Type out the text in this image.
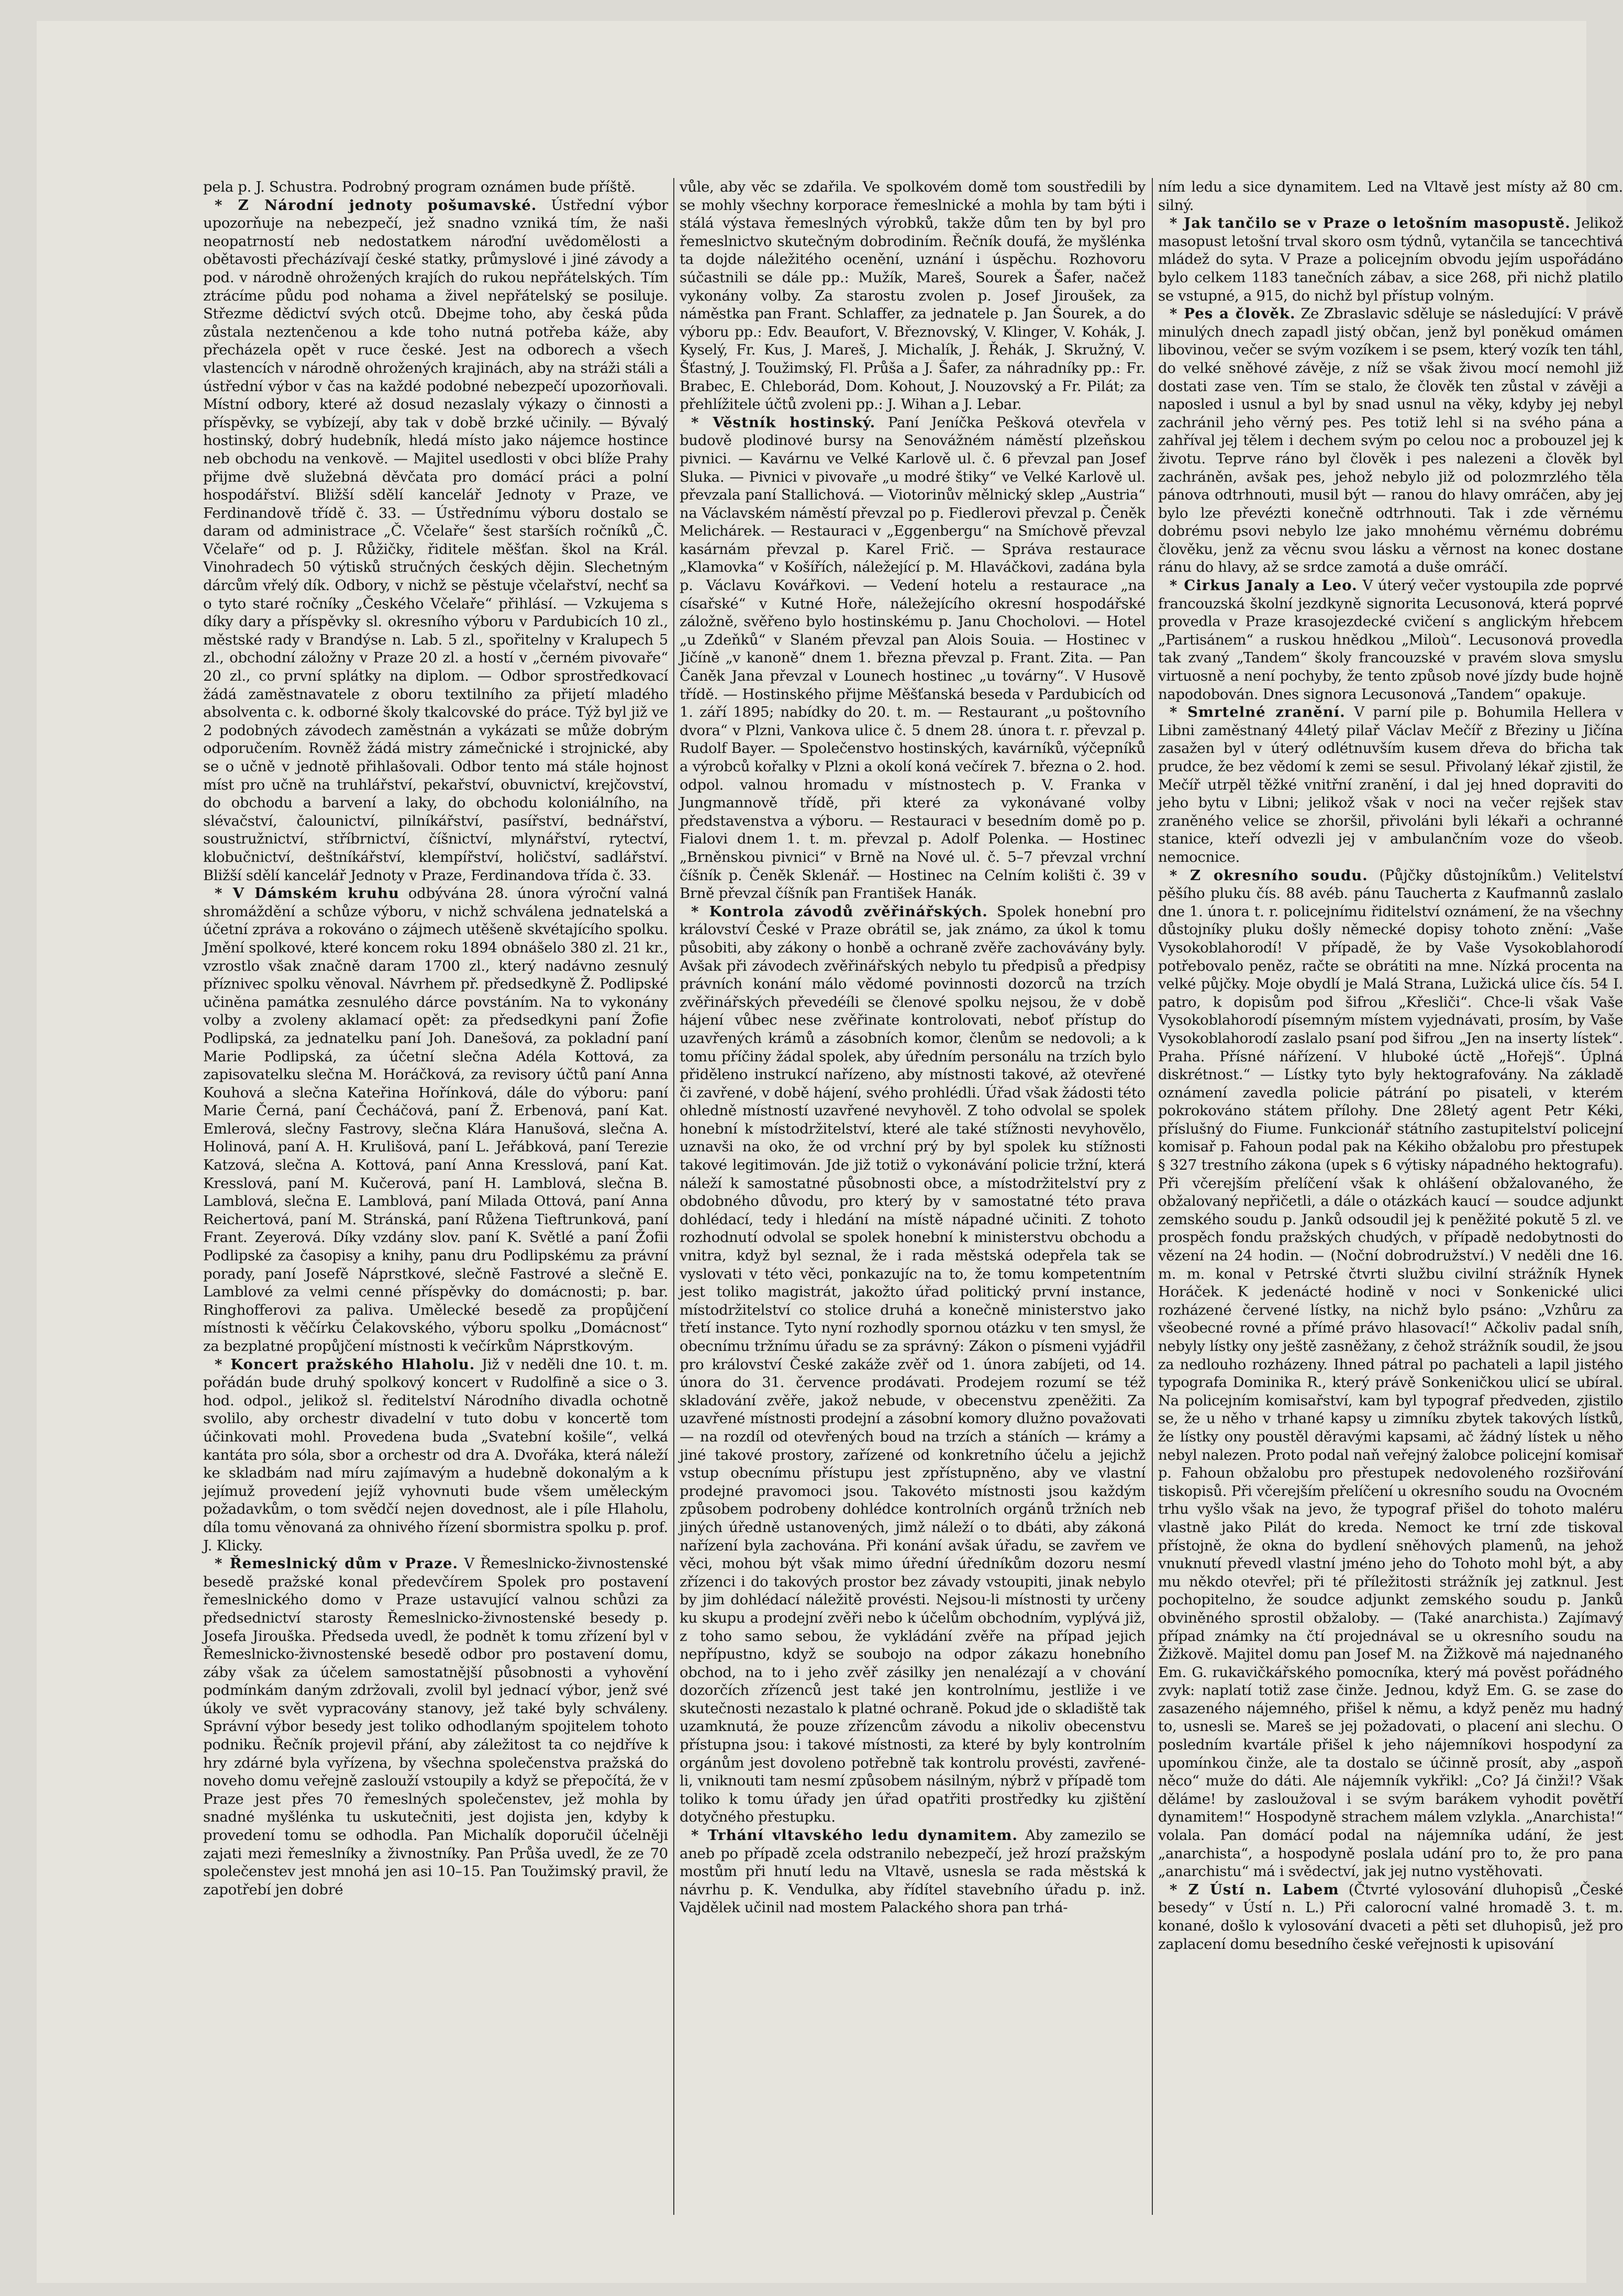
pela p. J. Schustra. Podrobný program oznámen bude příště.

* Z Národní jednoty pošumavské. Ústřední výbor upozorňuje na nebezpečí, jež snadno vzniká tím, že naši neopatrností neb nedostatkem nároďní uvědomělosti a obětavosti přecházívají české statky, průmyslové i jiné závody a pod. v národně ohrožených krajích do rukou nepřátelských. Tím ztrácíme půdu pod nohama a živel nepřátelský se posiluje. Střezme dědictví svých otců. Dbejme toho, aby česká půda zůstala neztenčenou a kde toho nutná potřeba káže, aby přecházela opět v ruce české. Jest na odborech a všech vlastencích v národně ohrožených krajinách, aby na stráži stáli a ústřední výbor v čas na každé podobné nebezpečí upozorňovali. Místní odbory, které až dosud nezaslaly výkazy o činnosti a příspěvky, se vybízejí, aby tak v době brzké učinily. — Bývalý hostinský, dobrý hudebník, hledá místo jako nájemce hostince neb obchodu na venkově. — Majitel usedlosti v obci blíže Prahy přijme dvě služebná děvčata pro domácí práci a polní hospodářství. Bližší sdělí kancelář Jednoty v Praze, ve Ferdinandově třídě č. 33. — Ústřednímu výboru dostalo se daram od administrace „Č. Včelaře“ šest starších ročníků „Č. Včelaře“ od p. J. Růžičky, řiditele měšťan. škol na Král. Vinohradech 50 výtisků stručných českých dějin. Slechetným dárcům vřelý dík. Odbory, v nichž se pěstuje včelařství, nechť sa o tyto staré ročníky „Českého Včelaře“ přihlásí. — Vzkujema s díky dary a příspěvky sl. okresního výboru v Pardubicích 10 zl., městské rady v Brandýse n. Lab. 5 zl., spořitelny v Kralupech 5 zl., obchodní záložny v Praze 20 zl. a hostí v „černém pivovaře“ 20 zl., co první splátky na diplom. — Odbor sprostředkovací žádá zaměstnavatele z oboru textilního za přijetí mladého absolventa c. k. odborné školy tkalcovské do práce. Týž byl již ve 2 podobných závodech zaměstnán a vykázati se může dobrým odporučením. Rovněž žádá mistry zámečnické i strojnické, aby se o učně v jednotě přihlašovali. Odbor tento má stále hojnost míst pro učně na truhlářství, pekařství, obuvnictví, krejčovství, do obchodu a barvení a laky, do obchodu koloniálního, na slévačství, čalounictví, pilníkářství, pasířství, bednářství, soustružnictví, stříbrnictví, číšnictví, mlynářství, rytectví, klobučnictví, deštníkářství, klempířství, holičství, sadlářství. Bližší sdělí kancelář Jednoty v Praze, Ferdinandova třída č. 33.

* V Dámském kruhu odbývána 28. února výroční valná shromáždění a schůze výboru, v nichž schválena jednatelská a účetní zpráva a rokováno o zájmech utěšeně skvétajícího spolku. Jmění spolkové, které koncem roku 1894 obnášelo 380 zl. 21 kr., vzrostlo však značně daram 1700 zl., který nadávno zesnulý příznivec spolku věnoval. Návrhem př. předsedkyně Ž. Podlipské učiněna památka zesnulého dárce povstáním. Na to vykonány volby a zvoleny aklamací opět: za předsedkyni paní Žofie Podlipská, za jednatelku paní Joh. Danešová, za pokladní paní Marie Podlipská, za účetní slečna Adéla Kottová, za zapisovatelku slečna M. Horáčková, za revisory účtů paní Anna Kouhová a slečna Kateřina Hořínková, dále do výboru: paní Marie Černá, paní Čecháčová, paní Ž. Erbenová, paní Kat. Emlerová, slečny Fastrovy, slečna Klára Hanušová, slečna A. Holinová, paní A. H. Krulišová, paní L. Jeřábková, paní Terezie Katzová, slečna A. Kottová, paní Anna Kresslová, paní Kat. Kresslová, paní M. Kučerová, paní H. Lamblová, slečna B. Lamblová, slečna E. Lamblová, paní Milada Ottová, paní Anna Reichertová, paní M. Stránská, paní Růžena Tieftrunková, paní Frant. Zeyerová. Díky vzdány slov. paní K. Světlé a paní Žofii Podlipské za časopisy a knihy, panu dru Podlipskému za právní porady, paní Josefě Náprstkové, slečně Fastrové a slečně E. Lamblové za velmi cenné příspěvky do domácnosti; p. bar. Ringhofferovi za paliva. Umělecké besedě za propůjčení místnosti k věčírku Čelakovského, výboru spolku „Domácnost“ za bezplatné propůjčení místnosti k večírkům Náprstkovým.

* Koncert pražského Hlaholu. Již v neděli dne 10. t. m. pořádán bude druhý spolkový koncert v Rudolfině a sice o 3. hod. odpol., jelikož sl. ředitelství Národního divadla ochotně svolilo, aby orchestr divadelní v tuto dobu v koncertě tom účinkovati mohl. Provedena buda „Svatební košile“, velká kantáta pro sóla, sbor a orchestr od dra A. Dvořáka, která náleží ke skladbám nad míru zajímavým a hudebně dokonalým a k jejímuž provedení jejíž vyhovnuti bude všem uměleckým požadavkům, o tom svědčí nejen dovednost, ale i píle Hlaholu, díla tomu věnovaná za ohnivého řízení sbormistra spolku p. prof. J. Klicky.

* Řemeslnický dům v Praze. V Řemeslnicko-živnostenské besedě pražské konal předevčírem Spolek pro postavení řemeslnického domo v Praze ustavující valnou schůzi za předsednictví starosty Řemeslnicko-živnostenské besedy p. Josefa Jirouška. Předseda uvedl, že podnět k tomu zřízení byl v Řemeslnicko-živnostenské besedě odbor pro postavení domu, záby však za účelem samostatnější působnosti a vyhovění podmínkám daným zdržovali, zvolil byl jednací výbor, jenž své úkoly ve svět vypracovány stanovy, jež také byly schváleny. Správní výbor besedy jest toliko odhodlaným spojitelem tohoto podniku. Řečník projevil přání, aby záležitost ta co nejdříve k hry zdárné byla vyřízena, by všechna společenstva pražská do noveho domu veřejně zaslouží vstoupily a když se přepočítá, že v Praze jest přes 70 řemeslných společenstev, jež mohla by snadné myšlénka tu uskutečniti, jest dojista jen, kdyby k provedení tomu se odhodla. Pan Michalík doporučil účelněji zajati mezi řemeslníky a živnostníky. Pan Průša uvedl, že ze 70 společenstev jest mnohá jen asi 10–15. Pan Toužimský pravil, že zapotřebí jen dobré

vůle, aby věc se zdařila. Ve spolkovém domě tom soustředili by se mohly všechny korporace řemeslnické a mohla by tam býti i stálá výstava řemeslných výrobků, takže dům ten by byl pro řemeslnictvo skutečným dobrodiním. Řečník doufá, že myšlénka ta dojde náležitého ocenění, uznání i úspěchu. Rozhovoru súčastnili se dále pp.: Mužík, Mareš, Sourek a Šafer, načež vykonány volby. Za starostu zvolen p. Josef Jiroušek, za náměstka pan Frant. Schlaffer, za jednatele p. Jan Šourek, a do výboru pp.: Edv. Beaufort, V. Březnovský, V. Klinger, V. Kohák, J. Kyselý, Fr. Kus, J. Mareš, J. Michalík, J. Řehák, J. Skružný, V. Šťastný, J. Toužimský, Fl. Průša a J. Šafer, za náhradníky pp.: Fr. Brabec, E. Chleborád, Dom. Kohout, J. Nouzovský a Fr. Pilát; za přehlížitele účtů zvoleni pp.: J. Wihan a J. Lebar.

* Věstník hostinský. Paní Jeníčka Pešková otevřela v budově plodinové bursy na Senovážném náměstí plzeňskou pivnici. — Kavárnu ve Velké Karlově ul. č. 6 převzal pan Josef Sluka. — Pivnici v pivovaře „u modré štiky“ ve Velké Karlově ul. převzala paní Stallichová. — Viotorinův mělnický sklep „Austria“ na Václavském náměstí převzal po p. Fiedlerovi převzal p. Čeněk Melichárek. — Restauraci v „Eggenbergu“ na Smíchově převzal kasárnám převzal p. Karel Frič. — Správa restaurace „Klamovka“ v Košířích, náležející p. M. Hlaváčkovi, zadána byla p. Václavu Kovářkovi. — Vedení hotelu a restaurace „na císařské“ v Kutné Hoře, náležejícího okresní hospodářské záložně, svěřeno bylo hostinskému p. Janu Chocholovi. — Hotel „u Zdeňků“ v Slaném převzal pan Alois Souia. — Hostinec v Jičíně „v kanoně“ dnem 1. března převzal p. Frant. Zita. — Pan Čaněk Jana převzal v Lounech hostinec „u továrny“. V Husově třídě. — Hostinského přijme Měšťanská beseda v Pardubicích od 1. září 1895; nabídky do 20. t. m. — Restaurant „u poštovního dvora“ v Plzni, Vankova ulice č. 5 dnem 28. února t. r. převzal p. Rudolf Bayer. — Společenstvo hostinských, kavárníků, výčepníků a výrobců kořalky v Plzni a okolí koná večírek 7. března o 2. hod. odpol. valnou hromadu v místnostech p. V. Franka v Jungmannově třídě, při které za vykonávané volby představenstva a výboru. — Restauraci v besedním domě po p. Fialovi dnem 1. t. m. převzal p. Adolf Polenka. — Hostinec „Brněnskou pivnici“ v Brně na Nové ul. č. 5–7 převzal vrchní číšník p. Čeněk Sklenář. — Hostinec na Celním kolišti č. 39 v Brně převzal číšník pan František Hanák.

* Kontrola závodů zvěřinářských. Spolek honební pro království České v Praze obrátil se, jak známo, za úkol k tomu působiti, aby zákony o honbě a ochraně zvěře zachovávány byly. Avšak při závodech zvěřinářských nebylo tu předpisů a předpisy právních konání málo vědomé povinnosti dozorců na trzích zvěřinářských převedéíli se členové spolku nejsou, že v době hájení vůbec nese zvěřinate kontrolovati, neboť přístup do uzavřených krámů a zásobních komor, členům se nedovoli; a k tomu příčiny žádal spolek, aby úředním personálu na trzích bylo přiděleno instrukcí nařízeno, aby místnosti takové, až otevřené či zavřené, v době hájení, svého prohlédli. Úřad však žádosti této ohledně místností uzavřené nevyhověl. Z toho odvolal se spolek honební k místodržitelství, které ale také stížnosti nevyhovělo, uznavši na oko, že od vrchní prý by byl spolek ku stížnosti takové legitimován. Jde již totiž o vykonávání policie tržní, která náleží k samostatné působnosti obce, a místodržitelství pry z obdobného důvodu, pro který by v samostatné této prava dohlédací, tedy i hledání na místě nápadné učiniti. Z tohoto rozhodnutí odvolal se spolek honební k ministerstvu obchodu a vnitra, když byl seznal, že i rada městská odepřela tak se vyslovati v této věci, ponkazujíc na to, že tomu kompetentním jest toliko magistrát, jakožto úřad politický první instance, místodržitelství co stolice druhá a konečně ministerstvo jako třetí instance. Tyto nyní rozhodly spornou otázku v ten smysl, že obecnímu tržnímu úřadu se za správný: Zákon o písmeni vyjádřil pro království České zakáže zvěř od 1. února zabíjeti, od 14. února do 31. července prodávati. Prodejem rozumí se též skladování zvěře, jakož nebude, v obecenstvu zpeněžiti. Za uzavřené místnosti prodejní a zásobní komory dlužno považovati — na rozdíl od otevřených boud na trzích a stáních — krámy a jiné takové prostory, zařízené od konkretního účelu a jejichž vstup obecnímu přístupu jest zpřístupněno, aby ve vlastní prodejné pravomoci jsou. Takovéto místnosti jsou každým způsobem podrobeny dohlédce kontrolních orgánů tržních neb jiných úředně ustanovených, jimž náleží o to dbáti, aby zákoná nařízení byla zachována. Při konání avšak úřadu, se zavřem ve věci, mohou být však mimo úřední úředníkům dozoru nesmí zřízenci i do takových prostor bez závady vstoupiti, jinak nebylo by jim dohlédací náležitě provésti. Nejsou-li místnosti ty určeny ku skupu a prodejní zvěři nebo k účelům obchodním, vyplývá již, z toho samo sebou, že vykládání zvěře na případ jejich nepřípustno, když se soubojo na odpor zákazu honebního obchod, na to i jeho zvěř zásilky jen nenalézají a v chování dozorčích zřízenců jest také jen kontrolnímu, jestliže i ve skutečnosti nezastalo k platné ochraně. Pokud jde o skladiště tak uzamknutá, že pouze zřízencům závodu a nikoliv obecenstvu přístupna jsou: i takové místnosti, za které by byly kontrolním orgánům jest dovoleno potřebně tak kontrolu provésti, zavřené-li, vniknouti tam nesmí způsobem násilným, nýbrž v případě tom toliko k tomu úřady jen úřad opatřiti prostředky ku zjištění dotyčného přestupku.

* Trhání vltavského ledu dynamitem. Aby zamezilo se aneb po případě zcela odstranilo nebezpečí, jež hrozí pražským mostům při hnutí ledu na Vltavě, usnesla se rada městská k návrhu p. K. Vendulka, aby řídítel stavebního úřadu p. inž. Vajdělek učinil nad mostem Palackého shora pan trhá-

ním ledu a sice dynamitem. Led na Vltavě jest místy až 80 cm. silný.

* Jak tančilo se v Praze o letošním masopustě. Jelikož masopust letošní trval skoro osm týdnů, vytančila se tancechtivá mládež do syta. V Praze a policejním obvodu jejím uspořádáno bylo celkem 1183 tanečních zábav, a sice 268, při nichž platilo se vstupné, a 915, do nichž byl přístup volným.

* Pes a člověk. Ze Zbraslavic sděluje se následující: V právě minulých dnech zapadl jistý občan, jenž byl poněkud omámen libovinou, večer se svým vozíkem i se psem, který vozík ten táhl, do velké sněhové závěje, z níž se však živou mocí nemohl již dostati zase ven. Tím se stalo, že člověk ten zůstal v závěji a naposled i usnul a byl by snad usnul na věky, kdyby jej nebyl zachránil jeho věrný pes. Pes totiž lehl si na svého pána a zahříval jej tělem i dechem svým po celou noc a probouzel jej k životu. Teprve ráno byl člověk i pes nalezeni a člověk byl zachráněn, avšak pes, jehož nebylo již od polozmrzlého těla pánova odtrhnouti, musil být — ranou do hlavy omráčen, aby jej bylo lze převézti konečně odtrhnouti. Tak i zde věrnému dobrému psovi nebylo lze jako mnohému věrnému dobrému člověku, jenž za věcnu svou lásku a věrnost na konec dostane ránu do hlavy, až se srdce zamotá a duše omráčí.

* Cirkus Janaly a Leo. V úterý večer vystoupila zde poprvé francouzská školní jezdkyně signorita Lecusonová, která poprvé provedla v Praze krasojezdecké cvičení s anglickým hřebcem „Partisánem“ a ruskou hnědkou „Miloù“. Lecusonová provedla tak zvaný „Tandem“ školy francouzské v pravém slova smyslu virtuosně a není pochyby, že tento způsob nové jízdy bude hojně napodobován. Dnes signora Lecusonová „Tandem“ opakuje.

* Smrtelné zranění. V parní pile p. Bohumila Hellera v Libni zaměstnaný 44letý pilař Václav Mečíř z Březiny u Jičína zasažen byl v úterý odlétnuvším kusem dřeva do břicha tak prudce, že bez vědomí k zemi se sesul. Přivolaný lékař zjistil, že Mečíř utrpěl těžké vnitřní zranění, i dal jej hned dopraviti do jeho bytu v Libni; jelikož však v noci na večer rejšek stav zraněného velice se zhoršil, přivoláni byli lékaři a ochranné stanice, kteří odvezli jej v ambulančním voze do všeob. nemocnice.

* Z okresního soudu. (Půjčky důstojníkům.) Velitelství pěšího pluku čís. 88 avéb. pánu Taucherta z Kaufmannů zaslalo dne 1. února t. r. policejnímu řiditelství oznámení, že na všechny důstojníky pluku došly německé dopisy tohoto znění: „Vaše Vysokoblahorodí! V případě, že by Vaše Vysokoblahorodí potřebovalo peněz, račte se obrátiti na mne. Nízká procenta na velké půjčky. Moje obydlí je Malá Strana, Lužická ulice čís. 54 I. patro, k dopisům pod šifrou „Křesliči“. Chce-li však Vaše Vysokoblahorodí písemným místem vyjednávati, prosím, by Vaše Vysokoblahorodí zaslalo psaní pod šifrou „Jen na inserty lístek“. Praha. Přísné nářízení. V hluboké úctě „Hořejš“. Úplná diskrétnost.“ — Lístky tyto byly hektografovány. Na základě oznámení zavedla policie pátrání po pisateli, v kterém pokrokováno státem přílohy. Dne 28letý agent Petr Kéki, příslušný do Fiume. Funkcionář státního zastupitelství policejní komisař p. Fahoun podal pak na Kékiho obžalobu pro přestupek § 327 trestního zákona (upek s 6 výtisky nápadného hektografu). Při včerejším přelíčení však k ohlášení obžalovaného, že obžalovaný nepřičetli, a dále o otázkách kaucí — soudce adjunkt zemského soudu p. Janků odsoudil jej k peněžité pokutě 5 zl. ve prospěch fondu pražských chudých, v případě nedobytnosti do vězení na 24 hodin. — (Noční dobrodružství.) V neděli dne 16. m. m. konal v Petrské čtvrti službu civilní strážník Hynek Horáček. K jedenácté hodině v noci v Sonkenické ulici rozházené červené lístky, na nichž bylo psáno: „Vzhůru za všeobecné rovné a přímé právo hlasovací!“ Ačkoliv padal sníh, nebyly lístky ony ještě zasněžany, z čehož strážník soudil, že jsou za nedlouho rozházeny. Ihned pátral po pachateli a lapil jistého typografa Dominika R., který právě Sonkeničkou ulicí se ubíral. Na policejním komisařství, kam byl typograf předveden, zjistilo se, že u něho v trhané kapsy u zimníku zbytek takových lístků, že lístky ony poustěl děravými kapsami, ač žádný lístek u něho nebyl nalezen. Proto podal naň veřejný žalobce policejní komisař p. Fahoun obžalobu pro přestupek nedovoleného rozšiřování tiskopisů. Při včerejším přelíčení u okresního soudu na Ovocném trhu vyšlo však na jevo, že typograf přišel do tohoto maléru vlastně jako Pilát do kreda. Nemoct ke trní zde tiskoval přístojně, že okna do bydlení sněhových plamenů, na jehož vnuknutí převedl vlastní jméno jeho do Tohoto mohl být, a aby mu někdo otevřel; při té příležitosti strážník jej zatknul. Jest pochopitelno, že soudce adjunkt zemského soudu p. Janků obviněného sprostil obžaloby. — (Také anarchista.) Zajímavý případ známky na čtí projednával se u okresního soudu na Žižkově. Majitel domu pan Josef M. na Žižkově má najednaného Em. G. rukavičkářského pomocníka, který má pověst pořádného zvyk: naplatí totiž zase činže. Jednou, když Em. G. se zase do zasazeného nájemného, přišel k němu, a když peněz mu hadný to, usnesli se. Mareš se jej požadovati, o placení ani slechu. O posledním kvartále přišel k jeho nájemníkovi hospodyní za upomínkou činže, ale ta dostalo se účinně prosít, aby „aspoň něco“ muže do dáti. Ale nájemník vykřikl: „Co? Já činži!? Však děláme! by zasloužoval i se svým barákem vyhodit povětří dynamitem!“ Hospodyně strachem málem vzlykla. „Anarchista!“ volala. Pan domácí podal na nájemníka udání, že jest „anarchista“, a hospodyně poslala udání pro to, že pro pana „anarchistu“ má i svědectví, jak jej nutno vystěhovati.

* Z Ústí n. Labem (Čtvrté vylosování dluhopisů „České besedy“ v Ústí n. L.) Při calorocní valné hromadě 3. t. m. konané, došlo k vylosování dvaceti a pěti set dluhopisů, jež pro zaplacení domu besedního české veřejnosti k upisování
